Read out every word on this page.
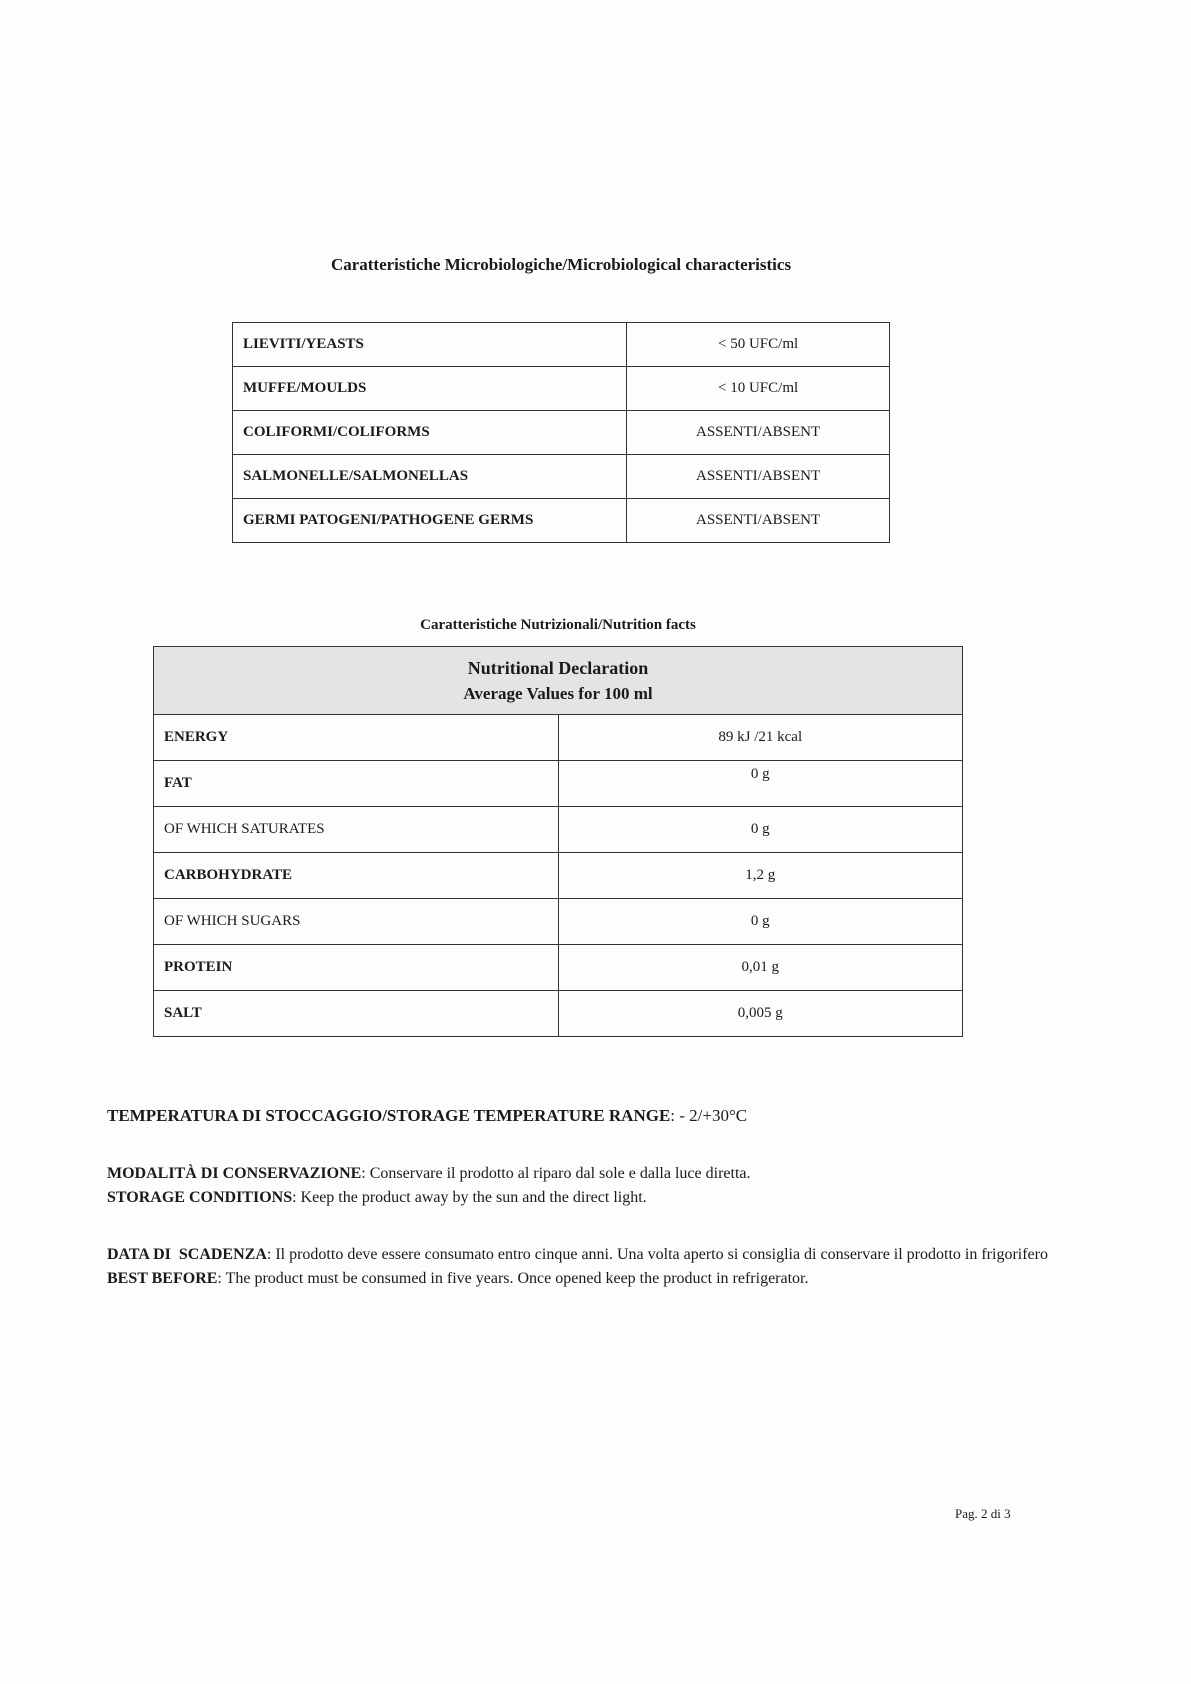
Caratteristiche Microbiologiche/Microbiological characteristics
LIEVITI/YEASTS	< 50 UFC/ml
MUFFE/MOULDS	< 10 UFC/ml
COLIFORMI/COLIFORMS	ASSENTI/ABSENT
SALMONELLE/SALMONELLAS	ASSENTI/ABSENT
GERMI PATOGENI/PATHOGENE GERMS	ASSENTI/ABSENT
Caratteristiche Nutrizionali/Nutrition facts
Nutritional Declaration
Average Values for 100 ml	

ENERGY	89 kJ /21 kcal
FAT	0 g
OF WHICH SATURATES	0 g
CARBOHYDRATE	1,2 g
OF WHICH SUGARS	0 g
PROTEIN	0,01 g
SALT	0,005 g

TEMPERATURA DI STOCCAGGIO/STORAGE TEMPERATURE RANGE: - 2/+30°C

MODALITÀ DI CONSERVAZIONE: Conservare il prodotto al riparo dal sole e dalla luce diretta.

STORAGE CONDITIONS: Keep the product away by the sun and the direct light.

DATA DI  SCADENZA: Il prodotto deve essere consumato entro cinque anni. Una volta aperto si consiglia di conservare il prodotto in frigorifero

BEST BEFORE: The product must be consumed in five years. Once opened keep the product in refrigerator.

Pag. 2 di 3
